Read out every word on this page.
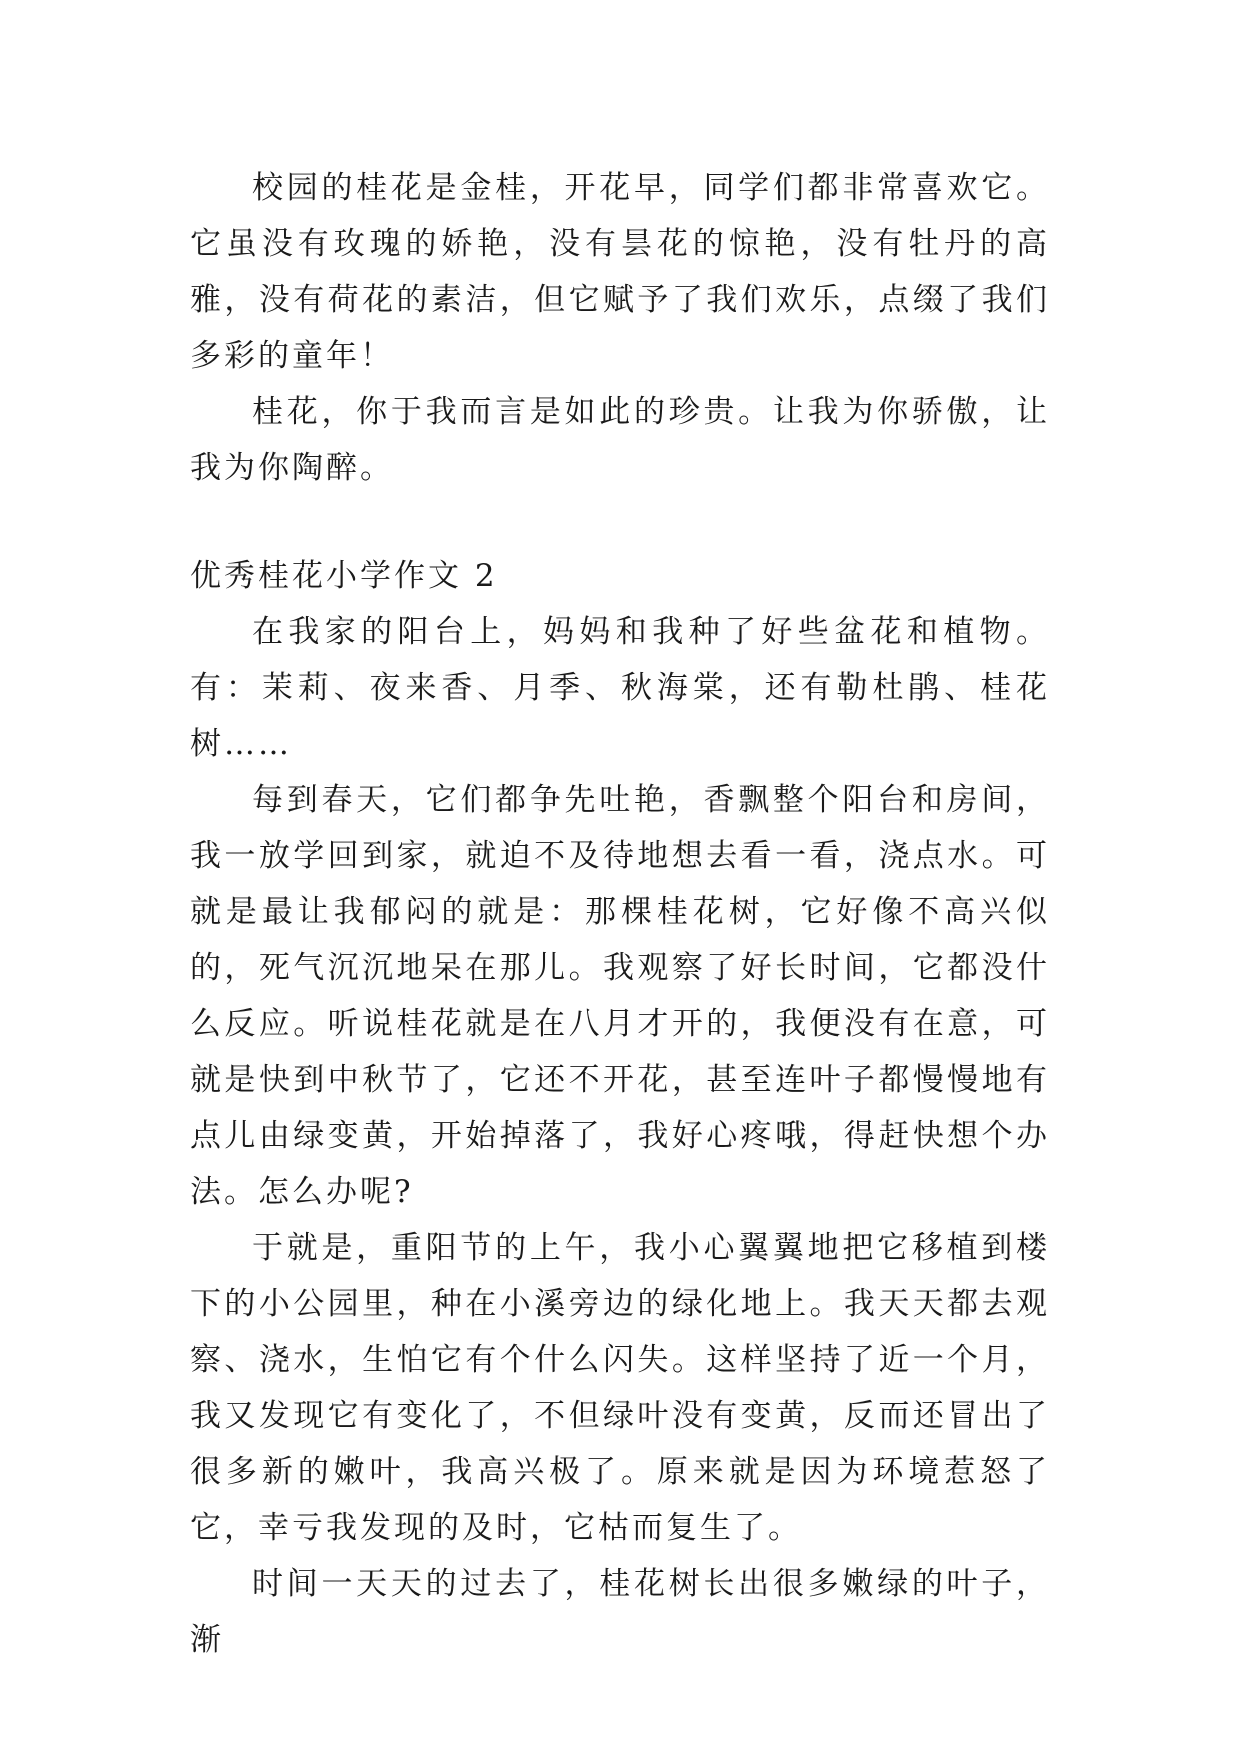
校园的桂花是金桂，开花早，同学们都非常喜欢它。它虽没有玫瑰的娇艳，没有昙花的惊艳，没有牡丹的高雅，没有荷花的素洁，但它赋予了我们欢乐，点缀了我们多彩的童年！

桂花，你于我而言是如此的珍贵。让我为你骄傲，让我为你陶醉。

优秀桂花小学作文 2

在我家的阳台上，妈妈和我种了好些盆花和植物。有：茉莉、夜来香、月季、秋海棠，还有勒杜鹃、桂花树……

每到春天，它们都争先吐艳，香飘整个阳台和房间，我一放学回到家，就迫不及待地想去看一看，浇点水。可就是最让我郁闷的就是：那棵桂花树，它好像不高兴似的，死气沉沉地呆在那儿。我观察了好长时间，它都没什么反应。听说桂花就是在八月才开的，我便没有在意，可就是快到中秋节了，它还不开花，甚至连叶子都慢慢地有点儿由绿变黄，开始掉落了，我好心疼哦，得赶快想个办法。怎么办呢?

于就是，重阳节的上午，我小心翼翼地把它移植到楼下的小公园里，种在小溪旁边的绿化地上。我天天都去观察、浇水，生怕它有个什么闪失。这样坚持了近一个月，我又发现它有变化了，不但绿叶没有变黄，反而还冒出了很多新的嫩叶，我高兴极了。原来就是因为环境惹怒了它，幸亏我发现的及时，它枯而复生了。

时间一天天的过去了，桂花树长出很多嫩绿的叶子，渐
